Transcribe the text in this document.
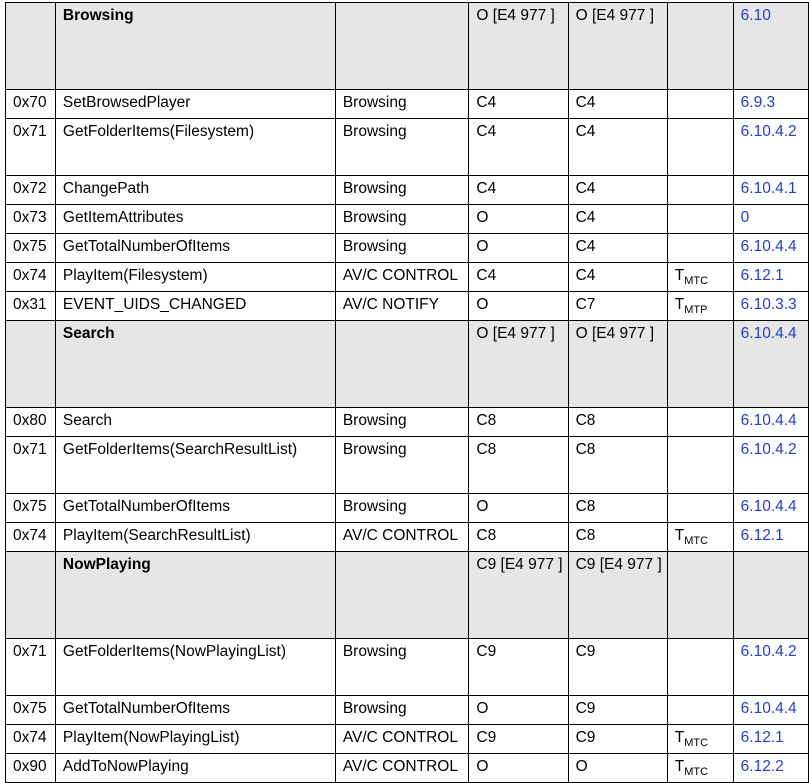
	Browsing		O [E4 977 ]	O [E4 977 ]		6.10
0x70	SetBrowsedPlayer	Browsing	C4	C4		6.9.3
0x71	GetFolderItems(Filesystem)	Browsing	C4	C4		6.10.4.2
0x72	ChangePath	Browsing	C4	C4		6.10.4.1
0x73	GetItemAttributes	Browsing	O	C4		0
0x75	GetTotalNumberOfItems	Browsing	O	C4		6.10.4.4
0x74	PlayItem(Filesystem)	AV/C CONTROL	C4	C4	$T_{MTC}$	6.12.1
0x31	EVENT_UIDS_CHANGED	AV/C NOTIFY	O	C7	$T_{MTP}$	6.10.3.3
	Search		O [E4 977 ]	O [E4 977 ]		6.10.4.4
0x80	Search	Browsing	C8	C8		6.10.4.4
0x71	GetFolderItems(SearchResultList)	Browsing	C8	C8		6.10.4.2
0x75	GetTotalNumberOfItems	Browsing	O	C8		6.10.4.4
0x74	PlayItem(SearchResultList)	AV/C CONTROL	C8	C8	$T_{MTC}$	6.12.1
	NowPlaying		C9 [E4 977 ]	C9 [E4 977 ]		
0x71	GetFolderItems(NowPlayingList)	Browsing	C9	C9		6.10.4.2
0x75	GetTotalNumberOfItems	Browsing	O	C9		6.10.4.4
0x74	PlayItem(NowPlayingList)	AV/C CONTROL	C9	C9	$T_{MTC}$	6.12.1
0x90	AddToNowPlaying	AV/C CONTROL	O	O	$T_{MTC}$	6.12.2
